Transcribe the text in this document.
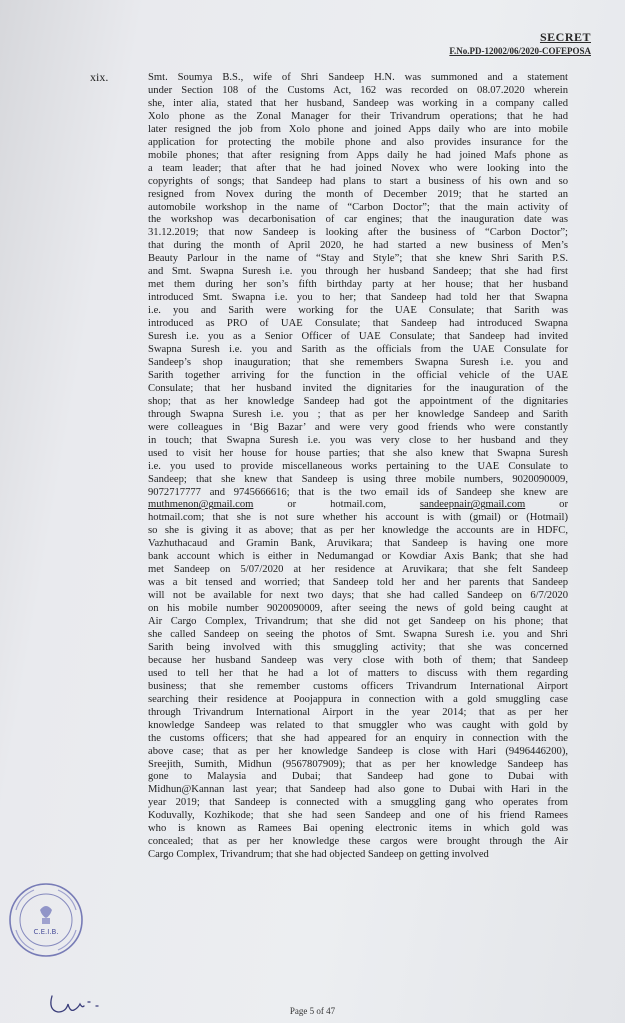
SECRET
F.No.PD-12002/06/2020-COFEPOSA
xix.	Smt. Soumya B.S., wife of Shri Sandeep H.N. was summoned and a statement
under Section 108 of the Customs Act, 162 was recorded on 08.07.2020 wherein
she, inter alia, stated that her husband, Sandeep was working in a company called
Xolo phone as the Zonal Manager for their Trivandrum operations; that he had
later resigned the job from Xolo phone and joined Apps daily who are into mobile
application for protecting the mobile phone and also provides insurance for the
mobile phones; that after resigning from Apps daily he had joined Mafs phone as
a team leader; that after that he had joined Novex who were looking into the
copyrights of songs; that Sandeep had plans to start a business of his own and so
resigned from Novex during the month of December 2019; that he started an
automobile workshop in the name of “Carbon Doctor”; that the main activity of
the workshop was decarbonisation of car engines; that the inauguration date was
31.12.2019; that now Sandeep is looking after the business of “Carbon Doctor”;
that during the month of April 2020, he had started a new business of Men’s
Beauty Parlour in the name of “Stay and Style”; that she knew Shri Sarith P.S.
and Smt. Swapna Suresh i.e. you through her husband Sandeep; that she had first
met them during her son’s fifth birthday party at her house; that her husband
introduced Smt. Swapna i.e. you to her; that Sandeep had told her that Swapna
i.e. you and Sarith were working for the UAE Consulate; that Sarith was
introduced as PRO of UAE Consulate; that Sandeep had introduced Swapna
Suresh i.e. you as a Senior Officer of UAE Consulate; that Sandeep had invited
Swapna Suresh i.e. you and Sarith as the officials from the UAE Consulate for
Sandeep’s shop inauguration; that she remembers Swapna Suresh i.e. you and
Sarith together arriving for the function in the official vehicle of the UAE
Consulate; that her husband invited the dignitaries for the inauguration of the
shop; that as her knowledge Sandeep had got the appointment of the dignitaries
through Swapna Suresh i.e. you ; that as per her knowledge Sandeep and Sarith
were colleagues in ‘Big Bazar’ and were very good friends who were constantly
in touch; that Swapna Suresh i.e. you was very close to her husband and they
used to visit her house for house parties; that she also knew that Swapna Suresh
i.e. you used to provide miscellaneous works pertaining to the UAE Consulate to
Sandeep; that she knew that Sandeep is using three mobile numbers, 9020090009,
9072717777 and 9745666616; that is the two email ids of Sandeep she knew are
muthmenon@gmail.com	or	hotmail.com,	sandeepnair@gmail.com	or
hotmail.com; that she is not sure whether his account is with (gmail) or (Hotmail)
so she is giving it as above; that as per her knowledge the accounts are in HDFC,
Vazhuthacaud and Gramin Bank, Aruvikara; that Sandeep is having one more
bank account which is either in Nedumangad or Kowdiar Axis Bank; that she had
met Sandeep on 5/07/2020 at her residence at Aruvikara; that she felt Sandeep
was a bit tensed and worried; that Sandeep told her and her parents that Sandeep
will not be available for next two days; that she had called Sandeep on 6/7/2020
on his mobile number 9020090009, after seeing the news of gold being caught at
Air Cargo Complex, Trivandrum; that she did not get Sandeep on his phone; that
she called Sandeep on seeing the photos of Smt. Swapna Suresh i.e. you and Shri
Sarith being involved with this smuggling activity; that she was concerned
because her husband Sandeep was very close with both of them; that Sandeep
used to tell her that he had a lot of matters to discuss with them regarding
business; that she remember customs officers Trivandrum International Airport
searching their residence at Poojappura in connection with a gold smuggling case
through Trivandrum International Airport in the year 2014; that as per her
knowledge Sandeep was related to that smuggler who was caught with gold by
the customs officers; that she had appeared for an enquiry in connection with the
above case; that as per her knowledge Sandeep is close with Hari (9496446200),
Sreejith, Sumith, Midhun (9567807909); that as per her knowledge Sandeep has
gone to Malaysia and Dubai; that Sandeep had gone to Dubai with
Midhun@Kannan last year; that Sandeep had also gone to Dubai with Hari in the
year 2019; that Sandeep is connected with a smuggling gang who operates from
Koduvally, Kozhikode; that she had seen Sandeep and one of his friend Ramees
who is known as Ramees Bai opening electronic items in which gold was
concealed; that as per her knowledge these cargos were brought through the Air
Cargo Complex, Trivandrum; that she had objected Sandeep on getting involved
C.E.I.B.
Page 5 of 47
